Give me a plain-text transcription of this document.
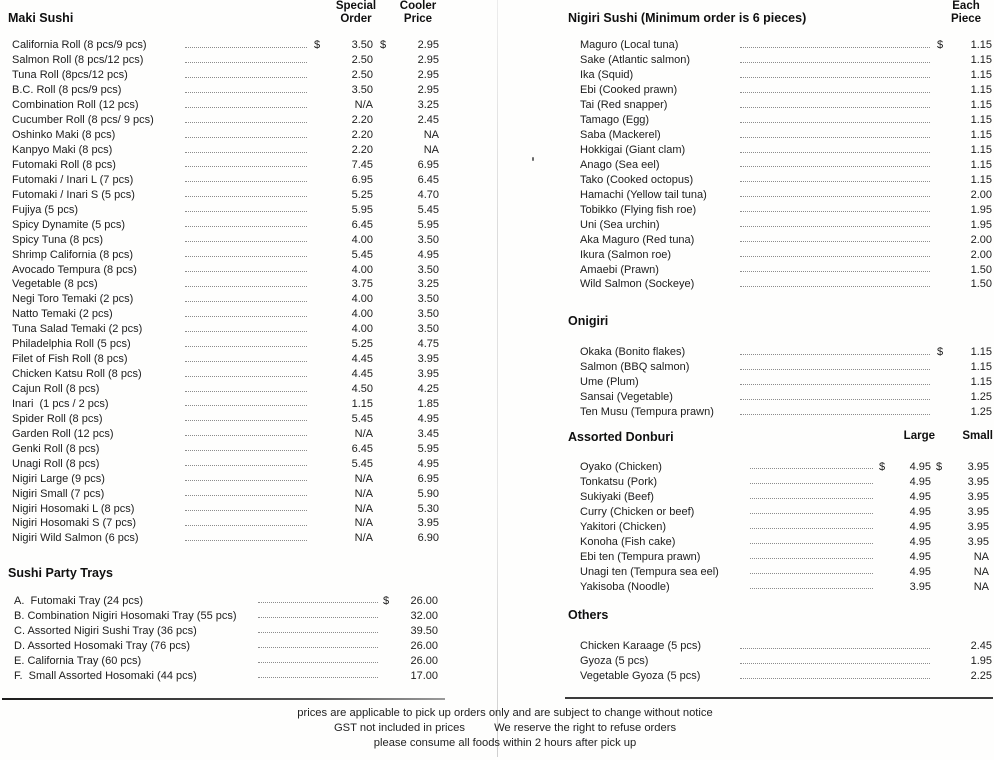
Maki Sushi
Special
Order
Cooler
Price
California Roll (8 pcs/9 pcs)	$	3.50 $	2.95
Salmon Roll (8 pcs/12 pcs)	2.50	2.95
Tuna Roll (8pcs/12 pcs)	2.50	2.95
B.C. Roll (8 pcs/9 pcs)	3.50	2.95
Combination Roll (12 pcs)	N/A	3.25
Cucumber Roll (8 pcs/ 9 pcs)	2.20	2.45
Oshinko Maki (8 pcs)	2.20	NA
Kanpyo Maki (8 pcs)	2.20	NA
Futomaki Roll (8 pcs)	7.45	6.95
Futomaki / Inari L (7 pcs)	6.95	6.45
Futomaki / Inari S (5 pcs)	5.25	4.70
Fujiya (5 pcs)	5.95	5.45
Spicy Dynamite (5 pcs)	6.45	5.95
Spicy Tuna (8 pcs)	4.00	3.50
Shrimp California (8 pcs)	5.45	4.95
Avocado Tempura (8 pcs)	4.00	3.50
Vegetable (8 pcs)	3.75	3.25
Negi Toro Temaki (2 pcs)	4.00	3.50
Natto Temaki (2 pcs)	4.00	3.50
Tuna Salad Temaki (2 pcs)	4.00	3.50
Philadelphia Roll (5 pcs)	5.25	4.75
Filet of Fish Roll (8 pcs)	4.45	3.95
Chicken Katsu Roll (8 pcs)	4.45	3.95
Cajun Roll (8 pcs)	4.50	4.25
Inari  (1 pcs / 2 pcs)	1.15	1.85
Spider Roll (8 pcs)	5.45	4.95
Garden Roll (12 pcs)	N/A	3.45
Genki Roll (8 pcs)	6.45	5.95
Unagi Roll (8 pcs)	5.45	4.95
Nigiri Large (9 pcs)	N/A	6.95
Nigiri Small (7 pcs)	N/A	5.90
Nigiri Hosomaki L (8 pcs)	N/A	5.30
Nigiri Hosomaki S (7 pcs)	N/A	3.95
Nigiri Wild Salmon (6 pcs)	N/A	6.90
Sushi Party Trays
A.  Futomaki Tray (24 pcs)	$	26.00
B. Combination Nigiri Hosomaki Tray (55 pcs)	32.00
C. Assorted Nigiri Sushi Tray (36 pcs)	39.50
D. Assorted Hosomaki Tray (76 pcs)	26.00
E. California Tray (60 pcs)	26.00
F.  Small Assorted Hosomaki (44 pcs)	17.00
Nigiri Sushi (Minimum order is 6 pieces)
Each
Piece
Maguro (Local tuna)	$	1.15
Sake (Atlantic salmon)	1.15
Ika (Squid)	1.15
Ebi (Cooked prawn)	1.15
Tai (Red snapper)	1.15
Tamago (Egg)	1.15
Saba (Mackerel)	1.15
Hokkigai (Giant clam)	1.15
Anago (Sea eel)	1.15
Tako (Cooked octopus)	1.15
Hamachi (Yellow tail tuna)	2.00
Tobikko (Flying fish roe)	1.95
Uni (Sea urchin)	1.95
Aka Maguro (Red tuna)	2.00
Ikura (Salmon roe)	2.00
Amaebi (Prawn)	1.50
Wild Salmon (Sockeye)	1.50
Onigiri
Okaka (Bonito flakes)	$	1.15
Salmon (BBQ salmon)	1.15
Ume (Plum)	1.15
Sansai (Vegetable)	1.25
Ten Musu (Tempura prawn)	1.25
Assorted Donburi	Large Small
Oyako (Chicken)	$	4.95 $	3.95
Tonkatsu (Pork)	4.95	3.95
Sukiyaki (Beef)	4.95	3.95
Curry (Chicken or beef)	4.95	3.95
Yakitori (Chicken)	4.95	3.95
Konoha (Fish cake)	4.95	3.95
Ebi ten (Tempura prawn)	4.95	NA
Unagi ten (Tempura sea eel)	4.95	NA
Yakisoba (Noodle)	3.95	NA
Others
Chicken Karaage (5 pcs)	2.45
Gyoza (5 pcs)	1.95
Vegetable Gyoza (5 pcs)	2.25
prices are applicable to pick up orders only and are subject to change without notice
GST not included in prices	We reserve the right to refuse orders
please consume all foods within 2 hours after pick up
